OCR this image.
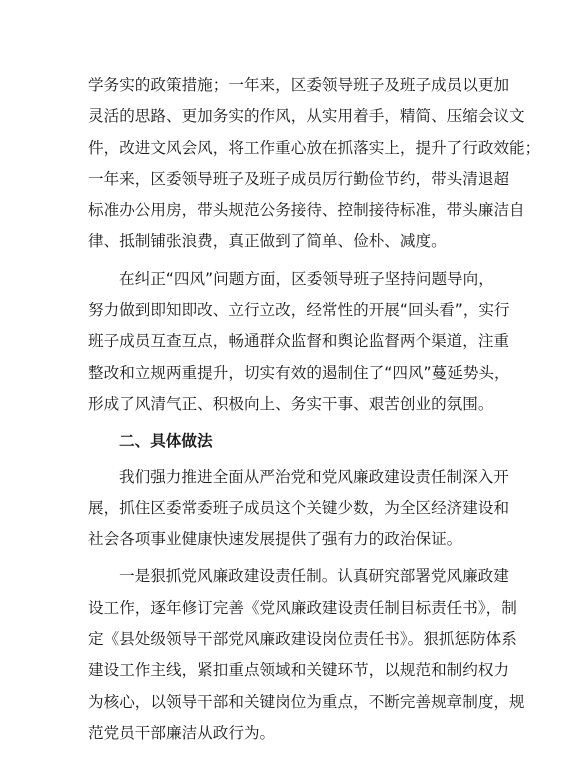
学务实的政策措施；一年来，区委领导班子及班子成员以更加
灵活的思路、更加务实的作风，从实用着手，精简、压缩会议文
件，改进文风会风，将工作重心放在抓落实上，提升了行政效能；
一年来，区委领导班子及班子成员厉行勤俭节约，带头清退超
标准办公用房，带头规范公务接待、控制接待标准，带头廉洁自
律、抵制铺张浪费，真正做到了简单、俭朴、减度。

在纠正“四风”问题方面，区委领导班子坚持问题导向，
努力做到即知即改、立行立改，经常性的开展“回头看”，实行
班子成员互查互点，畅通群众监督和舆论监督两个渠道，注重
整改和立规两重提升，切实有效的遏制住了“四风”蔓延势头，
形成了风清气正、积极向上、务实干事、艰苦创业的氛围。

二、具体做法

我们强力推进全面从严治党和党风廉政建设责任制深入开
展，抓住区委常委班子成员这个关键少数，为全区经济建设和
社会各项事业健康快速发展提供了强有力的政治保证。

一是狠抓党风廉政建设责任制。认真研究部署党风廉政建
设工作，逐年修订完善《党风廉政建设责任制目标责任书》，制
定《县处级领导干部党风廉政建设岗位责任书》。狠抓惩防体系
建设工作主线，紧扣重点领域和关键环节，以规范和制约权力
为核心，以领导干部和关键岗位为重点，不断完善规章制度，规
范党员干部廉洁从政行为。
